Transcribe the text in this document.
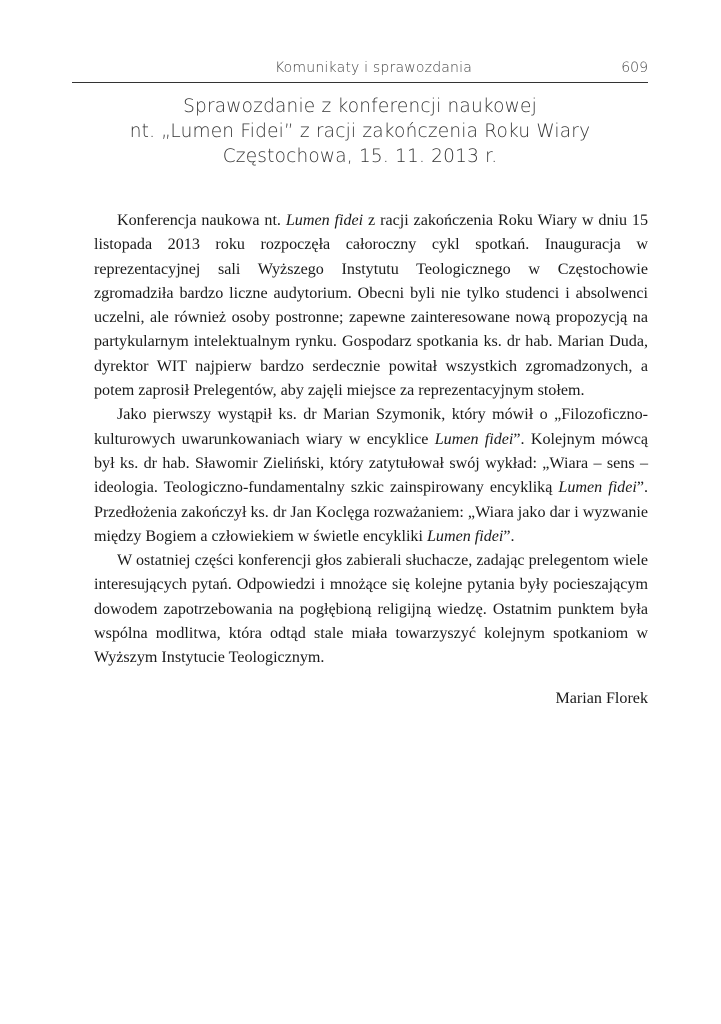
Komunikaty i sprawozdania	609
Sprawozdanie z konferencji naukowej
nt. „Lumen Fidei” z racji zakończenia Roku Wiary
Częstochowa, 15. 11. 2013 r.

Konferencja naukowa nt. Lumen fidei z racji zakończenia Roku Wiary w dniu 15 listopada 2013 roku rozpoczęła całoroczny cykl spotkań. Inauguracja w reprezentacyjnej sali Wyższego Instytutu Teologicznego w Częstochowie zgromadziła bardzo liczne audytorium. Obecni byli nie tylko studenci i absolwenci uczelni, ale również osoby postronne; zapewne zainteresowane nową propozycją na partykularnym intelektualnym rynku. Gospodarz spotkania ks. dr hab. Marian Duda, dyrektor WIT najpierw bardzo serdecznie powitał wszystkich zgromadzonych, a potem zaprosił Prelegentów, aby zajęli miejsce za reprezentacyjnym stołem.

Jako pierwszy wystąpił ks. dr Marian Szymonik, który mówił o „Filozoficzno-kulturowych uwarunkowaniach wiary w encyklice Lumen fidei”. Kolejnym mówcą był ks. dr hab. Sławomir Zieliński, który zatytułował swój wykład: „Wiara – sens – ideologia. Teologiczno-fundamentalny szkic zainspirowany encykliką Lumen fidei”. Przedłożenia zakończył ks. dr Jan Koclęga rozważaniem: „Wiara jako dar i wyzwanie między Bogiem a człowiekiem w świetle encykliki Lumen fidei”.

W ostatniej części konferencji głos zabierali słuchacze, zadając prelegentom wiele interesujących pytań. Odpowiedzi i mnożące się kolejne pytania były pocieszającym dowodem zapotrzebowania na pogłębioną religijną wiedzę. Ostatnim punktem była wspólna modlitwa, która odtąd stale miała towarzyszyć kolejnym spotkaniom w Wyższym Instytucie Teologicznym.

Marian Florek
